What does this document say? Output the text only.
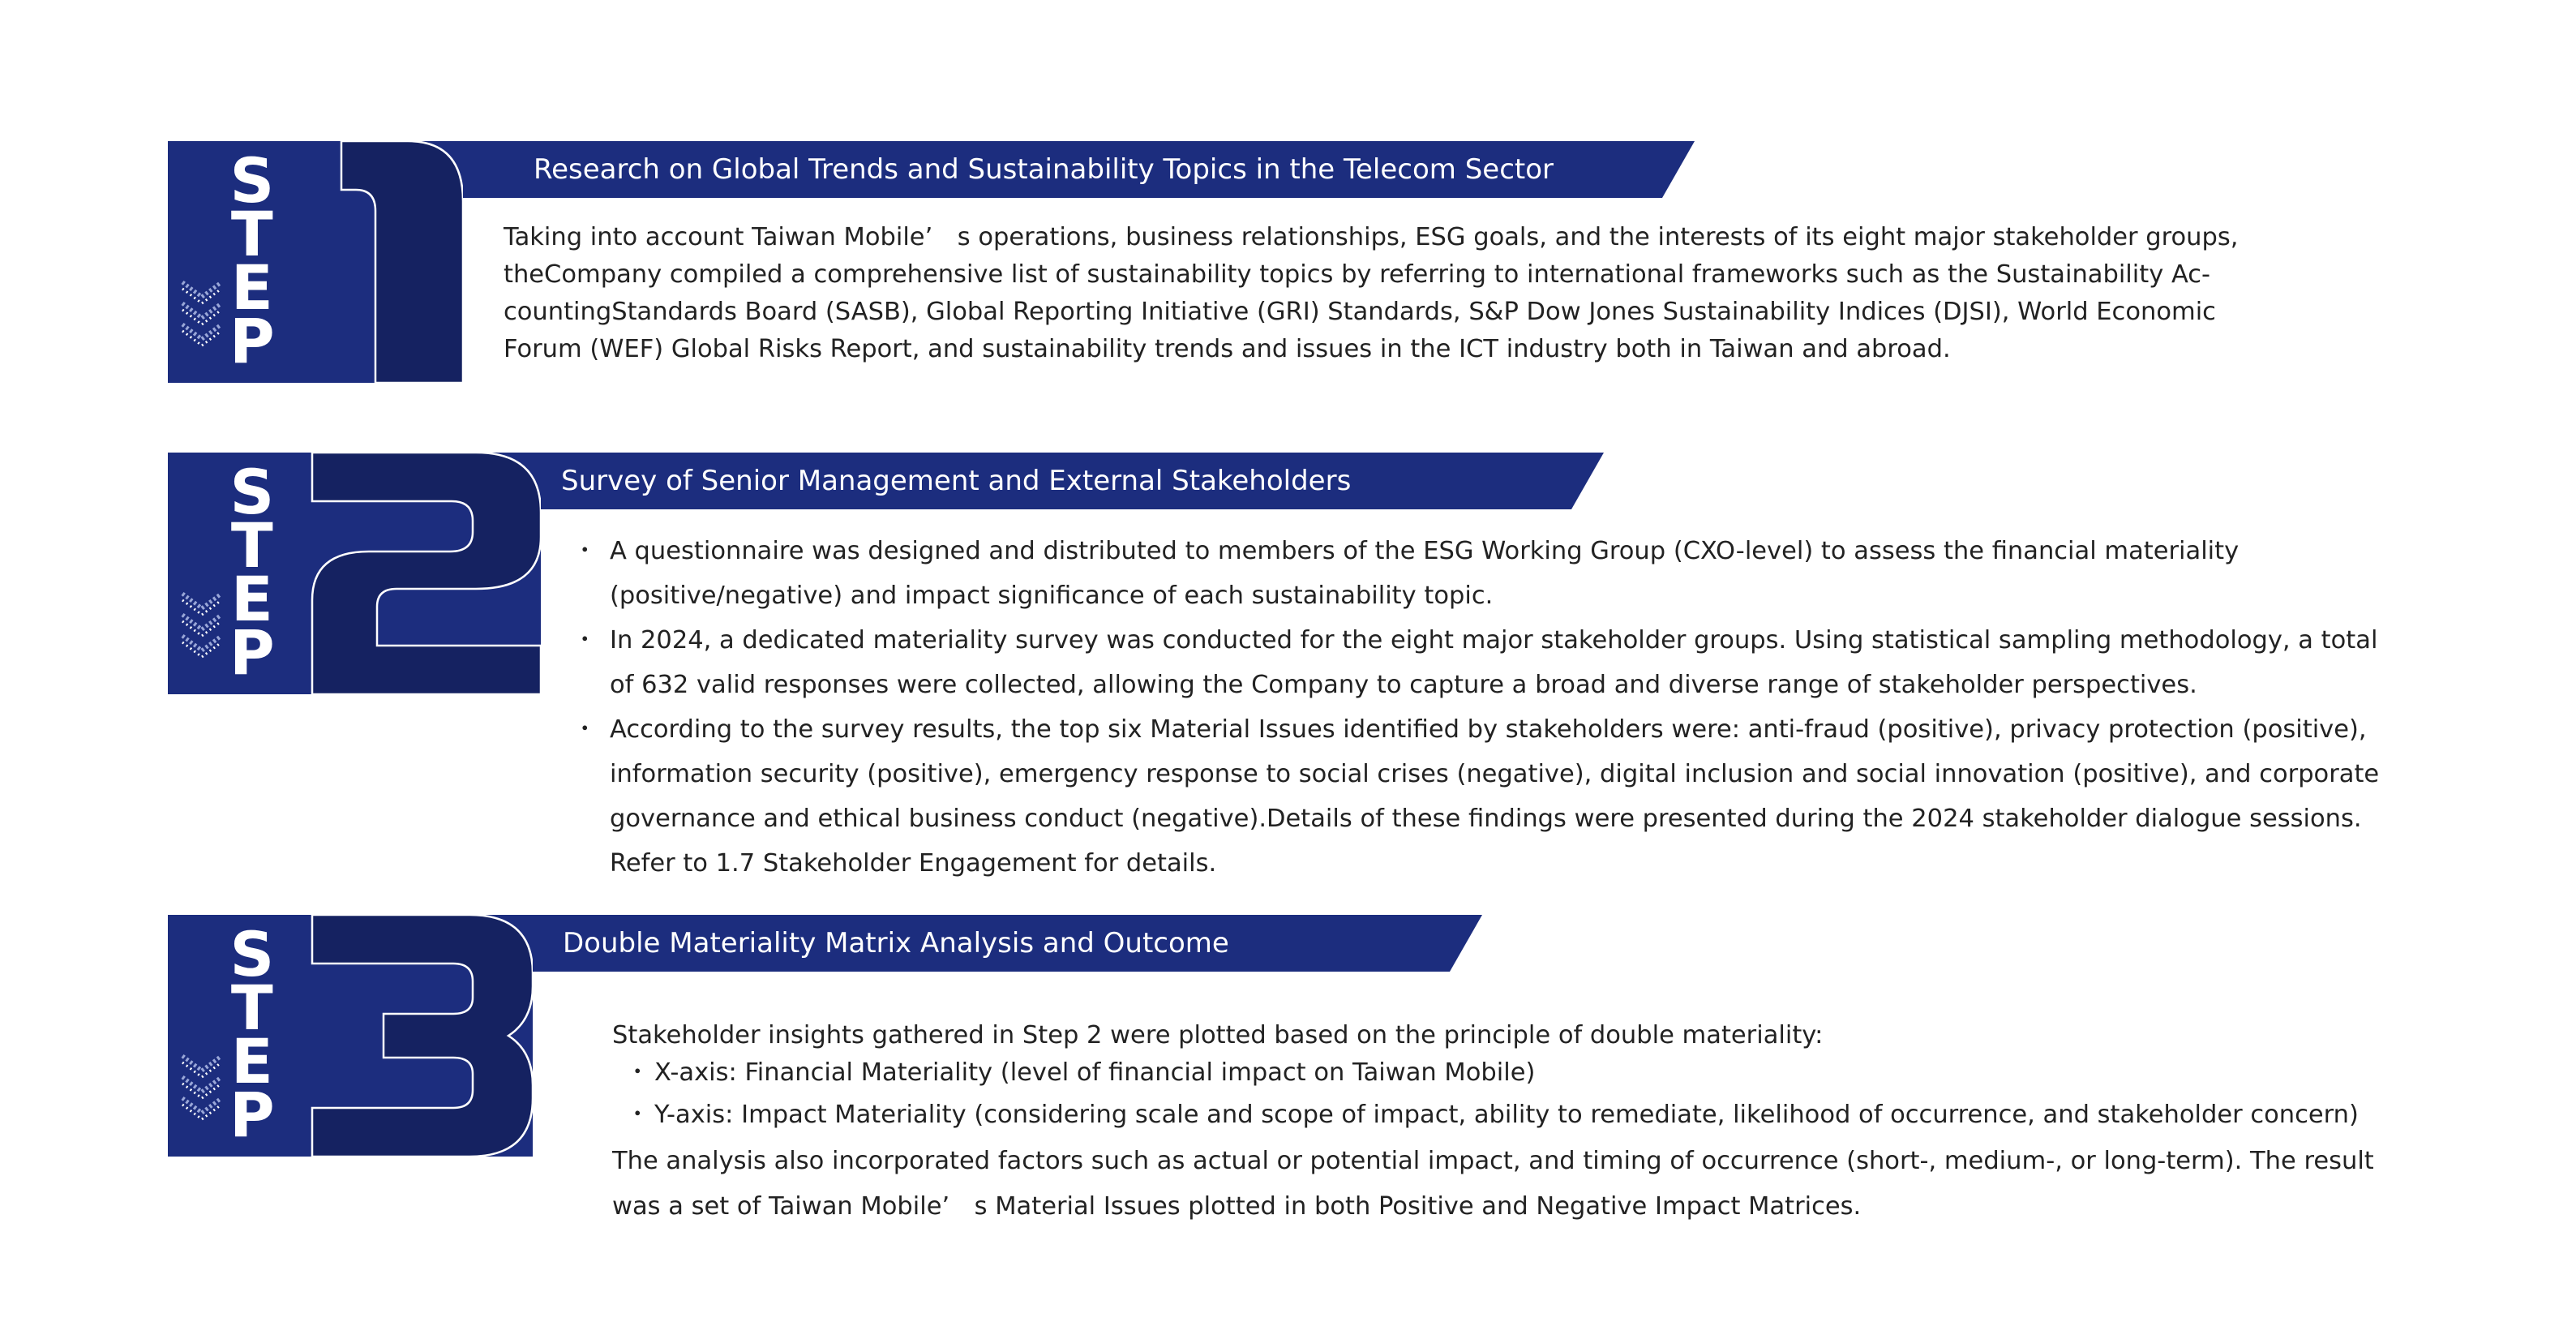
Research on Global Trends and Sustainability Topics in the Telecom Sector
S
T
E
P

Taking into account Taiwan Mobile’　s operations, business relationships, ESG goals, and the interests of its eight major stakeholder groups,

theCompany compiled a comprehensive list of sustainability topics by referring to international frameworks such as the Sustainability Ac-

countingStandards Board (SASB), Global Reporting Initiative (GRI) Standards, S&P Dow Jones Sustainability Indices (DJSI), World Economic

Forum (WEF) Global Risks Report, and sustainability trends and issues in the ICT industry both in Taiwan and abroad.

Survey of Senior Management and External Stakeholders
S
T
E
P
・ A questionnaire was designed and distributed to members of the ESG Working Group (CXO-level) to assess the financial materiality
(positive/negative) and impact significance of each sustainability topic.
・ In 2024, a dedicated materiality survey was conducted for the eight major stakeholder groups. Using statistical sampling methodology, a total
of 632 valid responses were collected, allowing the Company to capture a broad and diverse range of stakeholder perspectives.
・ According to the survey results, the top six Material Issues identified by stakeholders were: anti-fraud (positive), privacy protection (positive),
information security (positive), emergency response to social crises (negative), digital inclusion and social innovation (positive), and corporate
governance and ethical business conduct (negative).Details of these findings were presented during the 2024 stakeholder dialogue sessions.
Refer to 1.7 Stakeholder Engagement for details.
Double Materiality Matrix Analysis and Outcome
S
T
E
P

Stakeholder insights gathered in Step 2 were plotted based on the principle of double materiality:

・ X-axis: Financial Materiality (level of financial impact on Taiwan Mobile)
・ Y-axis: Impact Materiality (considering scale and scope of impact, ability to remediate, likelihood of occurrence, and stakeholder concern)

The analysis also incorporated factors such as actual or potential impact, and timing of occurrence (short-, medium-, or long-term). The result

was a set of Taiwan Mobile’　s Material Issues plotted in both Positive and Negative Impact Matrices.
